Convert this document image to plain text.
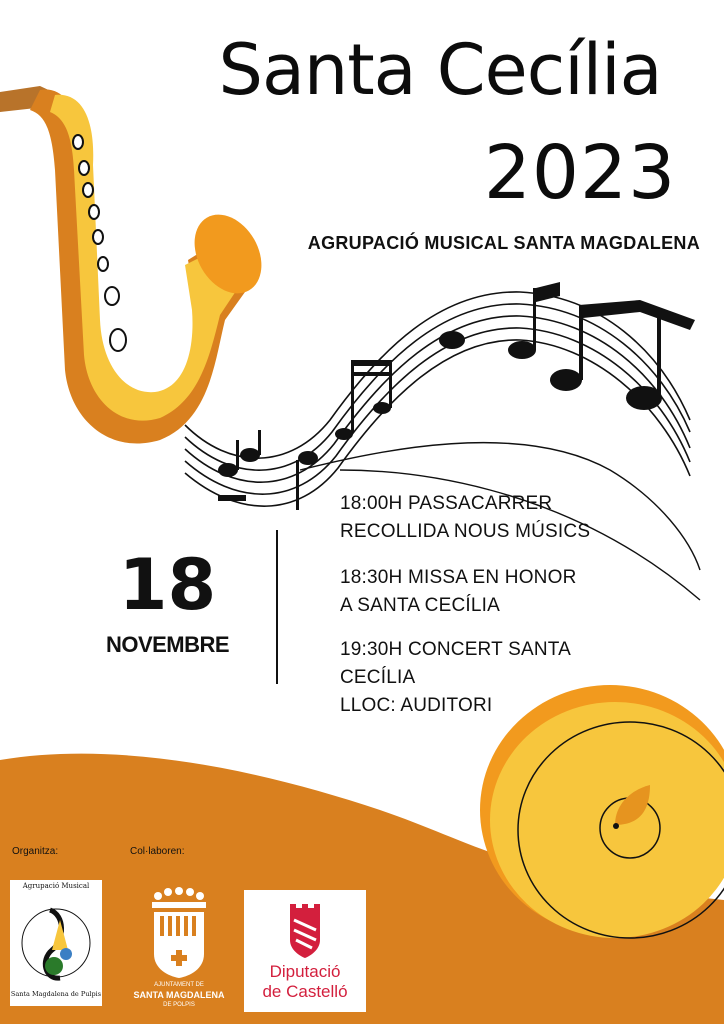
Santa Cecília
2023
AGRUPACIÓ MUSICAL SANTA MAGDALENA
18
NOVEMBRE
18:00H PASSACARRER
RECOLLIDA NOUS MÚSICS
18:30H MISSA EN HONOR
A SANTA CECÍLIA
19:30H CONCERT SANTA
CECÍLIA
LLOC: AUDITORI
Organitza:	Col·laboren:
Agrupació Musical
Santa Magdalena de Pulpis
AJUNTAMENT DE
SANTA MAGDALENA
DE POLPIS
Diputació
de Castelló
